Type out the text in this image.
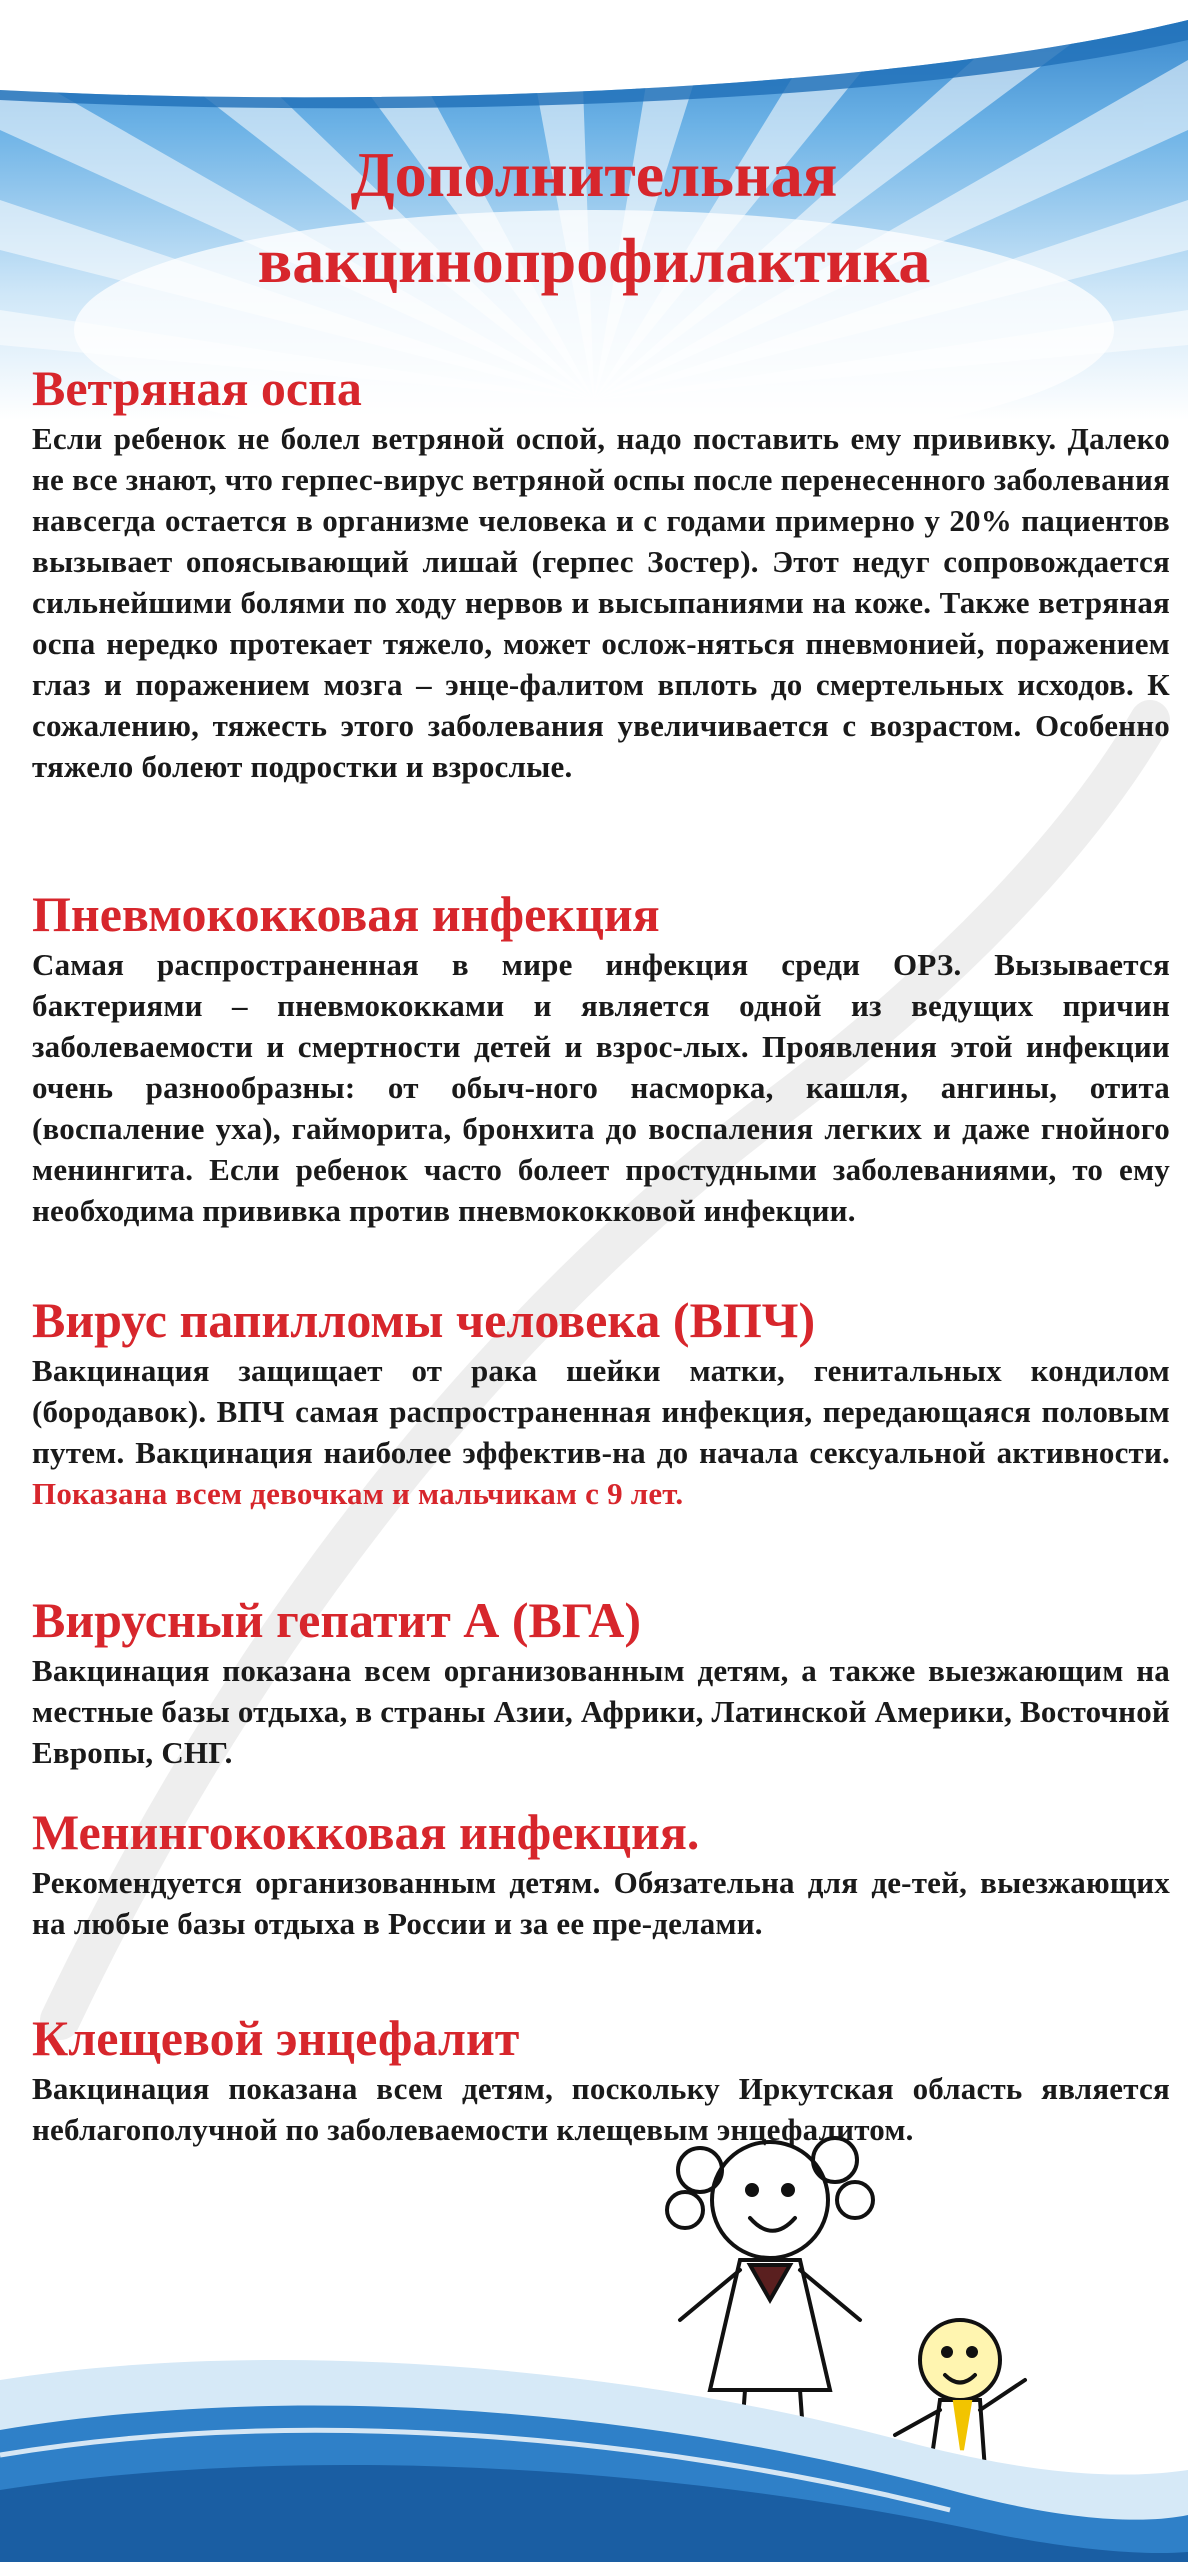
Дополнительная
вакцинопрофилактика
Ветряная оспа

Если ребенок не болел ветряной оспой, надо поставить ему прививку. Далеко не все знают, что герпес-вирус ветряной оспы после перенесенного заболевания навсегда остается в организме человека и с годами примерно у 20% пациентов вызывает опоясывающий лишай (герпес Зостер). Этот недуг сопровождается сильнейшими болями по ходу нервов и высыпаниями на коже. Также ветряная оспа нередко протекает тяжело, может ослож-няться пневмонией, поражением глаз и поражением мозга – энце-фалитом вплоть до смертельных исходов. К сожалению, тяжесть этого заболевания увеличивается с возрастом. Особенно тяжело болеют подростки и взрослые.

Пневмококковая инфекция

Самая распространенная в мире инфекция среди ОРЗ. Вызывается бактериями – пневмококками и является одной из ведущих причин заболеваемости и смертности детей и взрос-лых. Проявления этой инфекции очень разнообразны: от обыч-ного насморка, кашля, ангины, отита (воспаление уха), гайморита, бронхита до воспаления легких и даже гнойного менингита. Если ребенок часто болеет простудными заболеваниями, то ему необходима прививка против пневмококковой инфекции.

Вирус папилломы человека (ВПЧ)

Вакцинация защищает от рака шейки матки, генитальных кондилом (бородавок). ВПЧ самая распространенная инфекция, передающаяся половым путем. Вакцинация наиболее эффектив-на до начала сексуальной активности. Показана всем девочкам и мальчикам с 9 лет.

Вирусный гепатит А (ВГА)

Вакцинация показана всем организованным детям, а также выезжающим на местные базы отдыха, в страны Азии, Африки, Латинской Америки, Восточной Европы, СНГ.

Менингококковая инфекция.

Рекомендуется организованным детям. Обязательна для де-тей, выезжающих на любые базы отдыха в России и за ее пре-делами.

Клещевой энцефалит

Вакцинация показана всем детям, поскольку Иркутская область является неблагополучной по заболеваемости клещевым энцефалитом.
